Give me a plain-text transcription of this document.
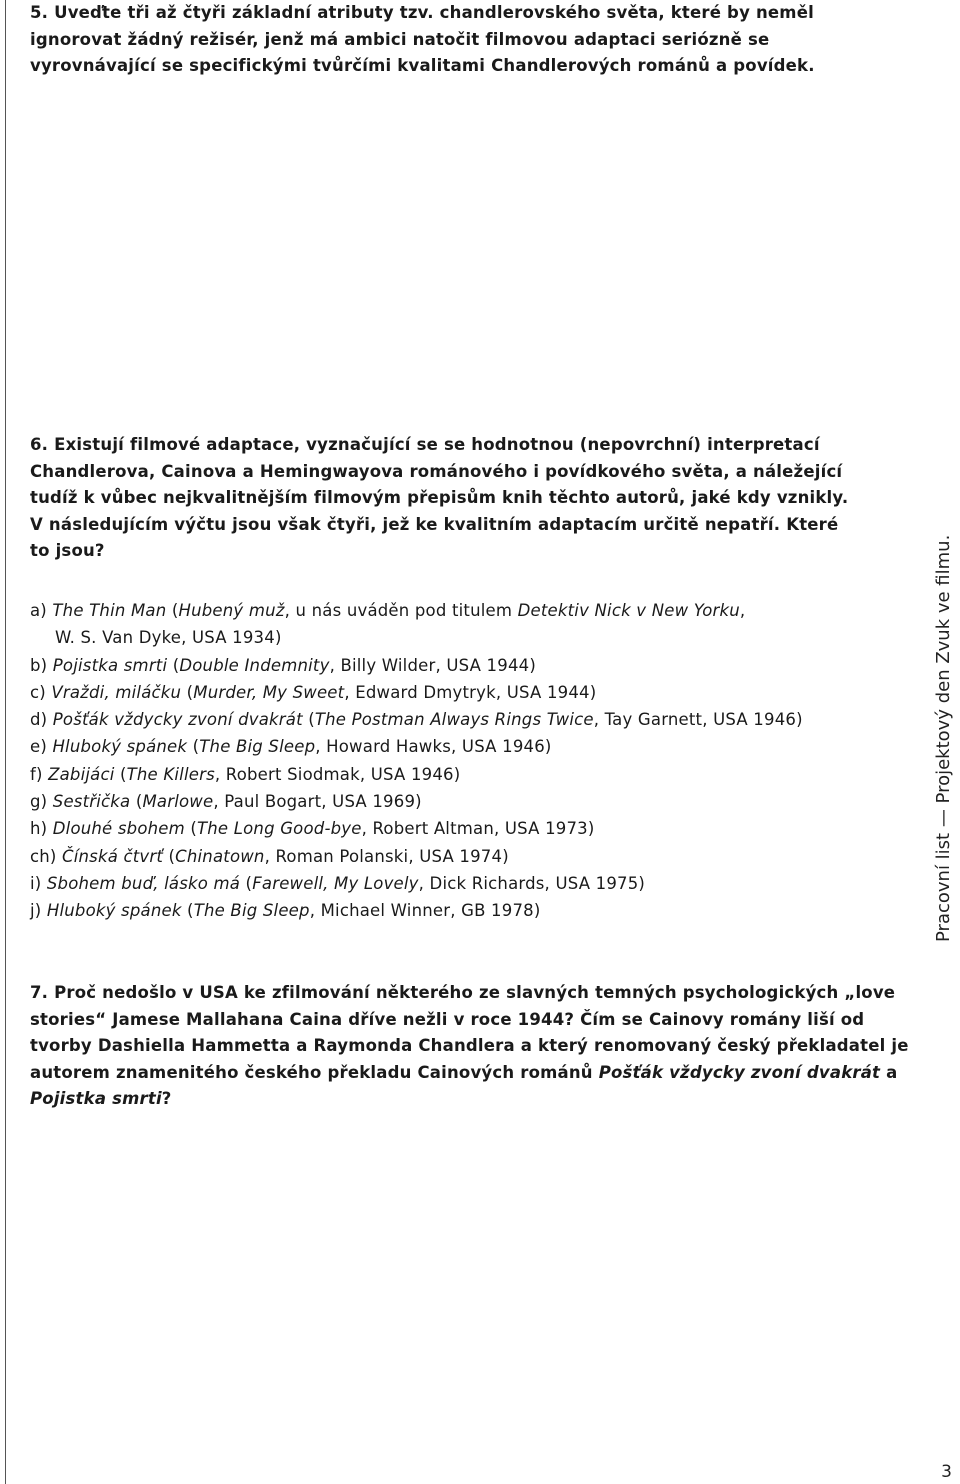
5. Uveďte tři až čtyři základní atributy tzv. chandlerovského světa, které by neměl ignorovat žádný režisér, jenž má ambici natočit filmovou adaptaci seriózně se vyrovnávající se specifickými tvůrčími kvalitami Chandlerových románů a povídek.

6. Existují filmové adaptace, vyznačující se se hodnotnou (nepovrchní) interpretací Chandlerova, Cainova a Hemingwayova románového i povídkového světa, a náležející tudíž k vůbec nejkvalitnějším filmovým přepisům knih těchto autorů, jaké kdy vznikly. V následujícím výčtu jsou však čtyři, jež ke kvalitním adaptacím určitě nepatří. Které to jsou?

a) The Thin Man (Hubený muž, u nás uváděn pod titulem Detektiv Nick v New Yorku,
W. S. Van Dyke, USA 1934)
b) Pojistka smrti (Double Indemnity, Billy Wilder, USA 1944)
c) Vraždi, miláčku (Murder, My Sweet, Edward Dmytryk, USA 1944)
d) Pošťák vždycky zvoní dvakrát (The Postman Always Rings Twice, Tay Garnett, USA 1946)
e) Hluboký spánek (The Big Sleep, Howard Hawks, USA 1946)
f) Zabijáci (The Killers, Robert Siodmak, USA 1946)
g) Sestřička (Marlowe, Paul Bogart, USA 1969)
h) Dlouhé sbohem (The Long Good-bye, Robert Altman, USA 1973)
ch) Čínská čtvrť (Chinatown, Roman Polanski, USA 1974)
i) Sbohem buď, lásko má (Farewell, My Lovely, Dick Richards, USA 1975)
j) Hluboký spánek (The Big Sleep, Michael Winner, GB 1978)

7. Proč nedošlo v USA ke zfilmování některého ze slavných temných psychologických „love stories“ Jamese Mallahana Caina dříve nežli v roce 1944? Čím se Cainovy romány liší od tvorby Dashiella Hammetta a Raymonda Chandlera a který renomovaný český překladatel je autorem znamenitého českého překladu Cainových románů Pošťák vždycky zvoní dvakrát a Pojistka smrti?

Pracovní list — Projektový den Zvuk ve filmu.
3
